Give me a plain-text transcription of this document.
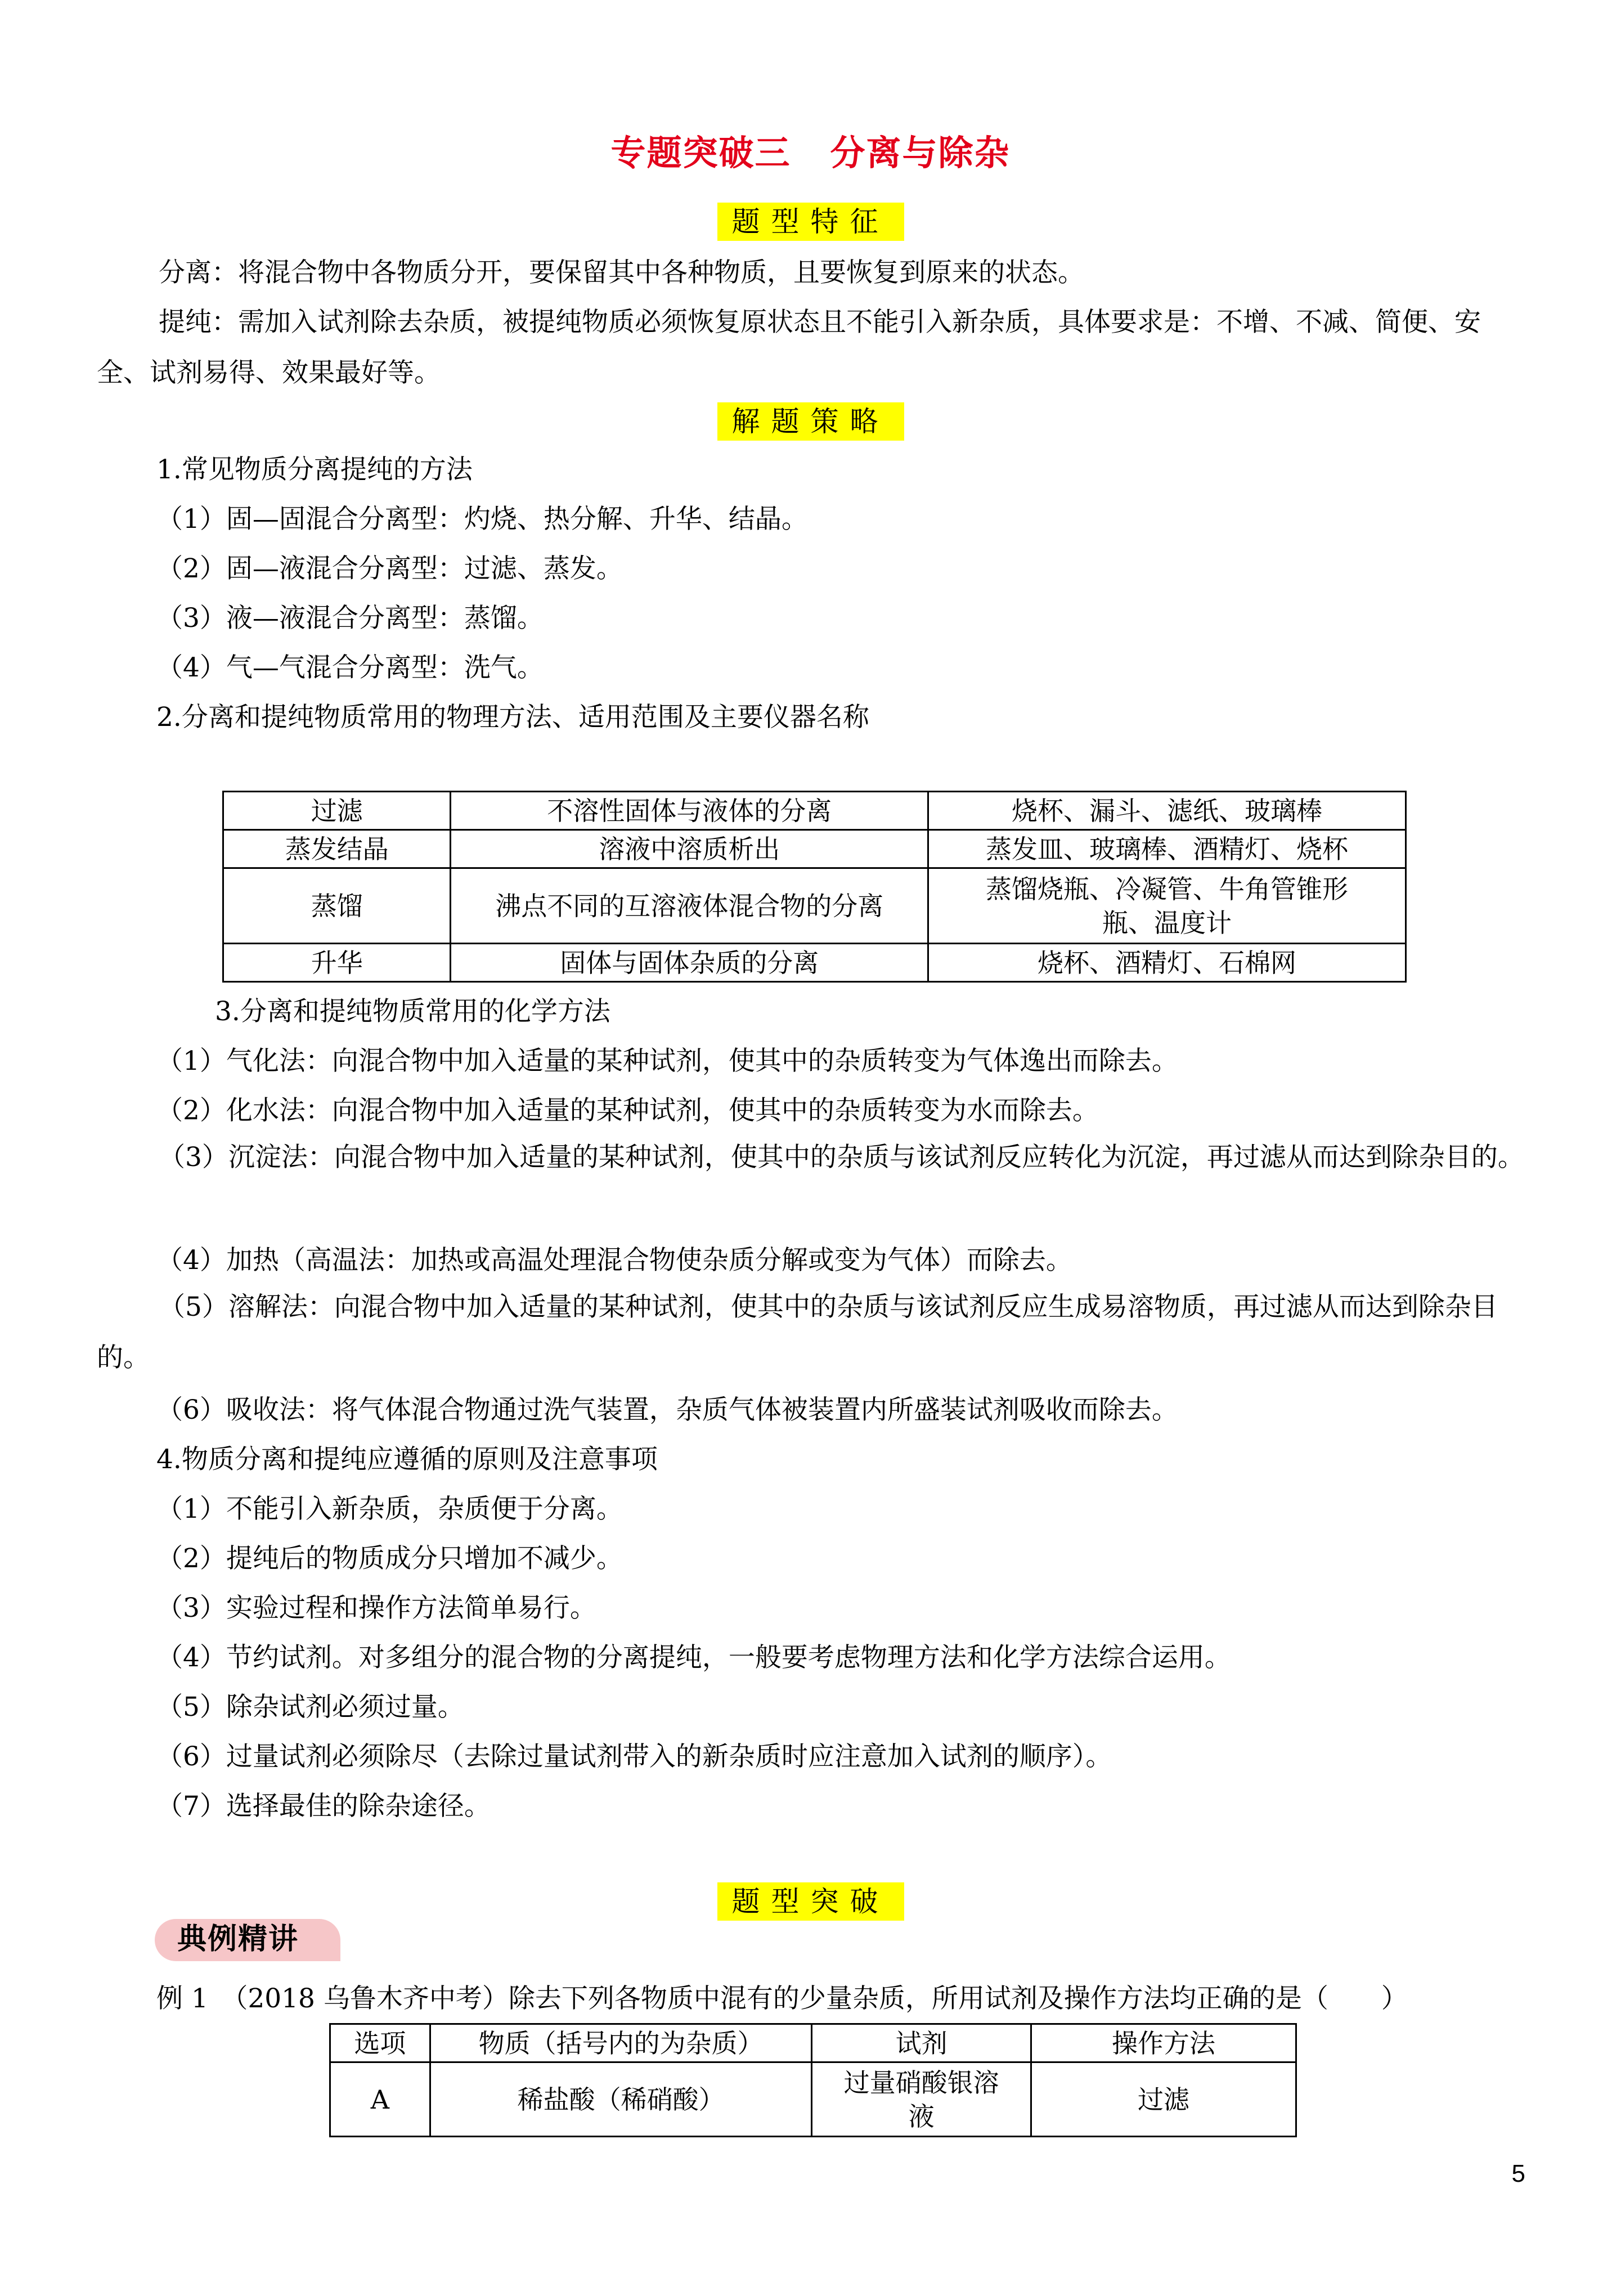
专题突破三 分离与除杂
题型特征
分离：将混合物中各物质分开，要保留其中各种物质，且要恢复到原来的状态。
提纯：需加入试剂除去杂质，被提纯物质必须恢复原状态且不能引入新杂质，具体要求是：不增、不减、简便、安全、试剂易得、效果最好等。
解题策略
1.常见物质分离提纯的方法
（1）固—固混合分离型：灼烧、热分解、升华、结晶。
（2）固—液混合分离型：过滤、蒸发。
（3）液—液混合分离型：蒸馏。
（4）气—气混合分离型：洗气。
2.分离和提纯物质常用的物理方法、适用范围及主要仪器名称
过滤	不溶性固体与液体的分离	烧杯、漏斗、滤纸、玻璃棒
蒸发结晶	溶液中溶质析出	蒸发皿、玻璃棒、酒精灯、烧杯
蒸馏	沸点不同的互溶液体混合物的分离	蒸馏烧瓶、冷凝管、牛角管锥形瓶、温度计
升华	固体与固体杂质的分离	烧杯、酒精灯、石棉网
3.分离和提纯物质常用的化学方法
（1）气化法：向混合物中加入适量的某种试剂，使其中的杂质转变为气体逸出而除去。
（2）化水法：向混合物中加入适量的某种试剂，使其中的杂质转变为水而除去。
（3）沉淀法：向混合物中加入适量的某种试剂，使其中的杂质与该试剂反应转化为沉淀，再过滤从而达到除杂目的。
（4）加热（高温法：加热或高温处理混合物使杂质分解或变为气体）而除去。
（5）溶解法：向混合物中加入适量的某种试剂，使其中的杂质与该试剂反应生成易溶物质，再过滤从而达到除杂目的。
（6）吸收法：将气体混合物通过洗气装置，杂质气体被装置内所盛装试剂吸收而除去。
4.物质分离和提纯应遵循的原则及注意事项
（1）不能引入新杂质，杂质便于分离。
（2）提纯后的物质成分只增加不减少。
（3）实验过程和操作方法简单易行。
（4）节约试剂。对多组分的混合物的分离提纯，一般要考虑物理方法和化学方法综合运用。
（5）除杂试剂必须过量。
（6）过量试剂必须除尽（去除过量试剂带入的新杂质时应注意加入试剂的顺序）。
（7）选择最佳的除杂途径。
题型突破
典例精讲
例 1　（2018 乌鲁木齐中考）除去下列各物质中混有的少量杂质，所用试剂及操作方法均正确的是（　　）
选项	物质（括号内的为杂质）	试剂	操作方法
A	稀盐酸（稀硝酸）	过量硝酸银溶液	过滤
5
